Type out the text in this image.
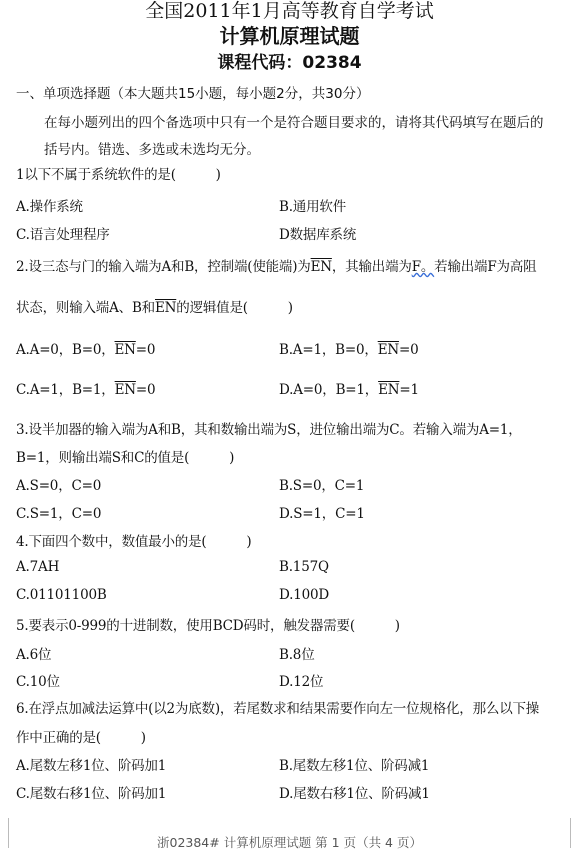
全国2011年1月高等教育自学考试
计算机原理试题
课程代码：02384
一、单项选择题（本大题共15小题，每小题2分，共30分）
在每小题列出的四个备选项中只有一个是符合题目要求的，请将其代码填写在题后的
括号内。错选、多选或未选均无分。
1以下不属于系统软件的是(　　　)
A.操作系统	B.通用软件
C.语言处理程序	D数据库系统
2.设三态与门的输入端为A和B，控制端(使能端)为$\overline{EN}$，其输出端为F。若输出端F为高阻
状态，则输入端A、B和$\overline{EN}$的逻辑值是(　　　)
A.A=0，B=0，$\overline{EN}=0$	B.A=1，B=0，$\overline{EN}=0$
C.A=1，B=1，$\overline{EN}=0$	D.A=0，B=1，$\overline{EN}=1$
3.设半加器的输入端为A和B，其和数输出端为S，进位输出端为C。若输入端为A=1，
B=1，则输出端S和C的值是(　　　)
A.S=0，C=0	B.S=0，C=1
C.S=1，C=0	D.S=1，C=1
4.下面四个数中，数值最小的是(　　　)
A.7AH	B.157Q
C.01101100B	D.100D
5.要表示0-999的十进制数，使用BCD码时，触发器需要(　　　)
A.6位	B.8位
C.10位	D.12位
6.在浮点加减法运算中(以2为底数)，若尾数求和结果需要作向左一位规格化，那么以下操
作中正确的是(　　　)
A.尾数左移1位、阶码加1	B.尾数左移1位、阶码减1
C.尾数右移1位、阶码加1	D.尾数右移1位、阶码减1
浙02384# 计算机原理试题 第 1 页（共 4 页）
